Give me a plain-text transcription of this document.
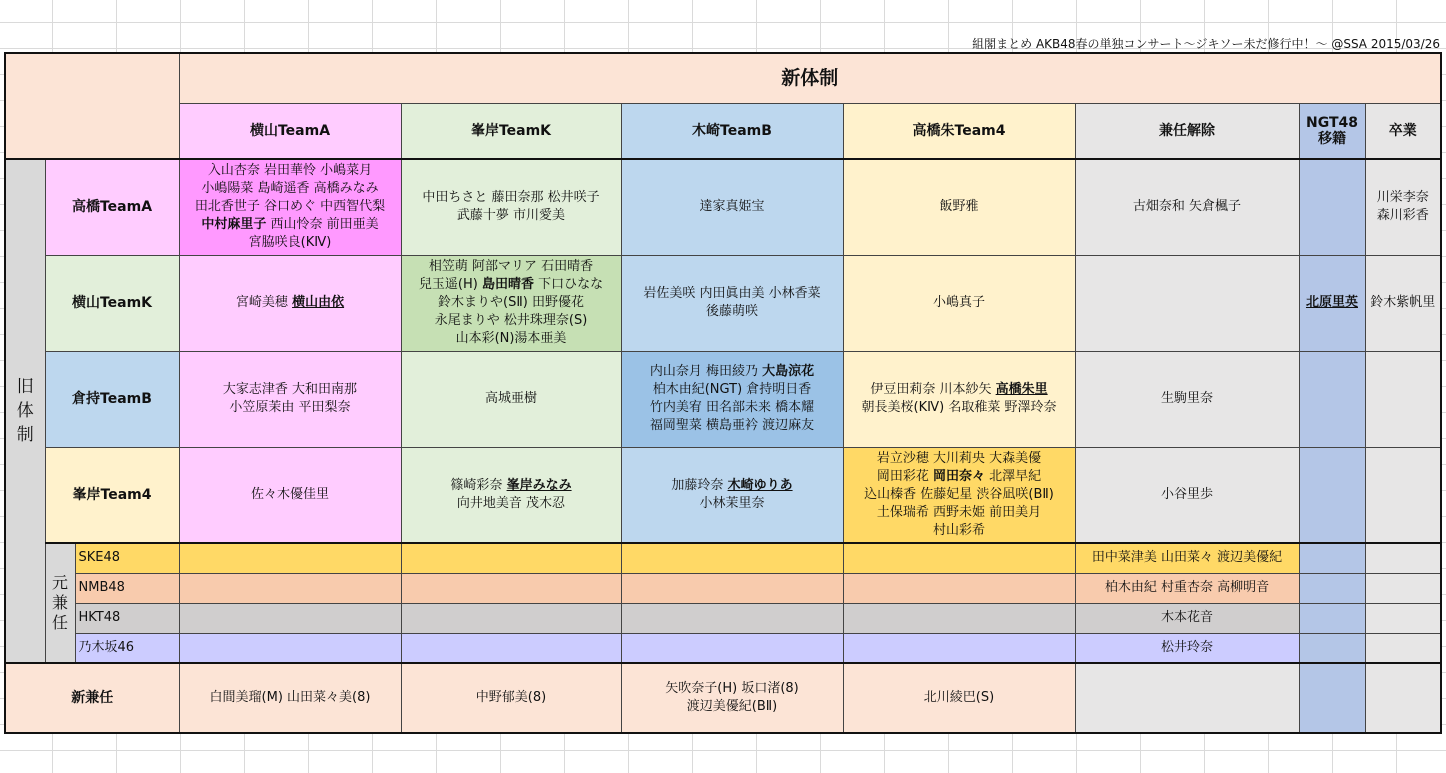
組閣まとめ AKB48春の単独コンサート～ジキソー未だ修行中！～ @SSA 2015/03/26
			新体制						
			横山TeamA	峯岸TeamK	木崎TeamB	高橋朱Team4	兼任解除	NGT48移籍	卒業

旧体制	高橋TeamA		入山杏奈 岩田華怜 小嶋菜月
小嶋陽菜 島崎遥香 高橋みなみ
田北香世子 谷口めぐ 中西智代梨
中村麻里子 西山怜奈 前田亜美
宮脇咲良(KⅣ)	中田ちさと 藤田奈那 松井咲子
武藤十夢 市川愛美	達家真姫宝	飯野雅	古畑奈和 矢倉楓子		川栄李奈
森川彩香

	横山TeamK		宮崎美穂 横山由依	相笠萌 阿部マリア 石田晴香
兒玉遥(H) 島田晴香 下口ひなな
鈴木まりや(SⅡ) 田野優花
永尾まりや 松井珠理奈(S)
山本彩(N)湯本亜美	岩佐美咲 内田眞由美 小林香菜
後藤萌咲	小嶋真子		北原里英	鈴木紫帆里
	倉持TeamB		大家志津香 大和田南那
小笠原茉由 平田梨奈	高城亜樹	内山奈月 梅田綾乃 大島涼花
柏木由紀(NGT) 倉持明日香
竹内美宥 田名部未来 橋本耀
福岡聖菜 横島亜衿 渡辺麻友	伊豆田莉奈 川本紗矢 高橋朱里
朝長美桜(KⅣ) 名取稚菜 野澤玲奈	生駒里奈		
	峯岸Team4		佐々木優佳里	篠崎彩奈 峯岸みなみ
向井地美音 茂木忍	加藤玲奈 木崎ゆりあ
小林茉里奈	岩立沙穂 大川莉央 大森美優
岡田彩花 岡田奈々 北澤早紀
込山榛香 佐藤妃星 渋谷凪咲(BⅡ)
土保瑞希 西野未姫 前田美月
村山彩希	小谷里歩		

	元兼任	SKE48					田中菜津美 山田菜々 渡辺美優紀		
		NMB48					柏木由紀 村重杏奈 高柳明音		
		HKT48					木本花音		
		乃木坂46					松井玲奈		
新兼任			白間美瑠(M) 山田菜々美(8)	中野郁美(8)	矢吹奈子(H) 坂口渚(8)
渡辺美優紀(BⅡ)	北川綾巴(S)			
